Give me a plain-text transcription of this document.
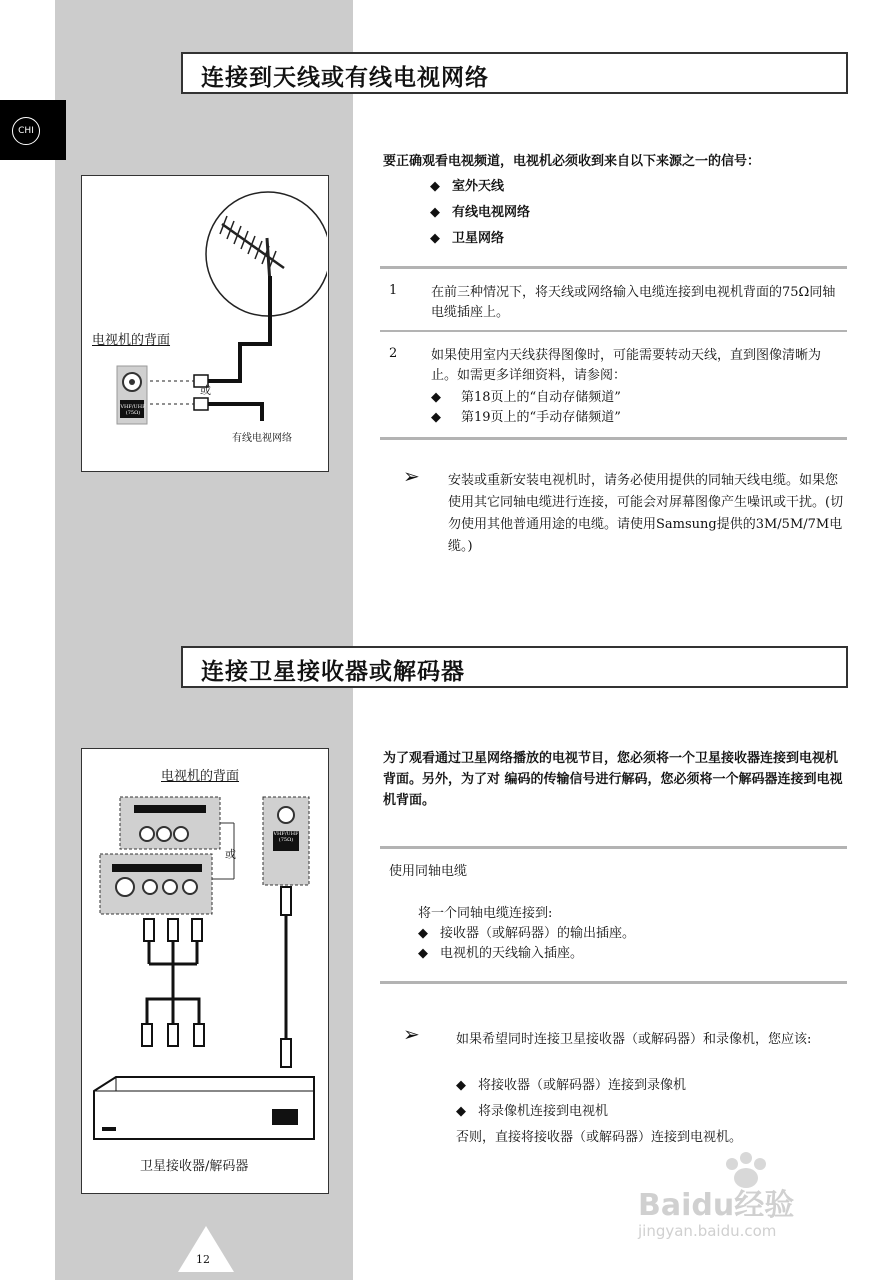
CHI
连接到天线或有线电视网络
电视机的背面
或
有线电视网络
VHF/UHF (75Ω)
要正确观看电视频道，电视机必须收到来自以下来源之一的信号：
◆ 室外天线
◆ 有线电视网络
◆ 卫星网络
1	在前三种情况下，将天线或网络输入电缆连接到电视机背面的75Ω同轴电缆插座上。
2	如果使用室内天线获得图像时，可能需要转动天线，直到图像清晰为止。如需更多详细资料，请参阅：
◆ 第18页上的“自动存储频道”
◆ 第19页上的“手动存储频道”
➢ 安装或重新安装电视机时，请务必使用提供的同轴天线电缆。如果您使用其它同轴电缆进行连接，可能会对屏幕图像产生噪讯或干扰。(切勿使用其他普通用途的电缆。请使用Samsung提供的3M/5M/7M电缆。)
连接卫星接收器或解码器
电视机的背面
或
VHF/UHF (75Ω)
卫星接收器/解码器
为了观看通过卫星网络播放的电视节目，您必须将一个卫星接收器连接到电视机背面。另外，为了对 编码的传输信号进行解码，您必须将一个解码器连接到电视机背面。
使用同轴电缆
将一个同轴电缆连接到:
◆ 接收器（或解码器）的输出插座。
◆ 电视机的天线输入插座。
➢	如果希望同时连接卫星接收器（或解码器）和录像机，您应该:
◆ 将接收器（或解码器）连接到录像机
◆ 将录像机连接到电视机
否则，直接将接收器（或解码器）连接到电视机。
12
Baidu经验
jingyan.baidu.com
